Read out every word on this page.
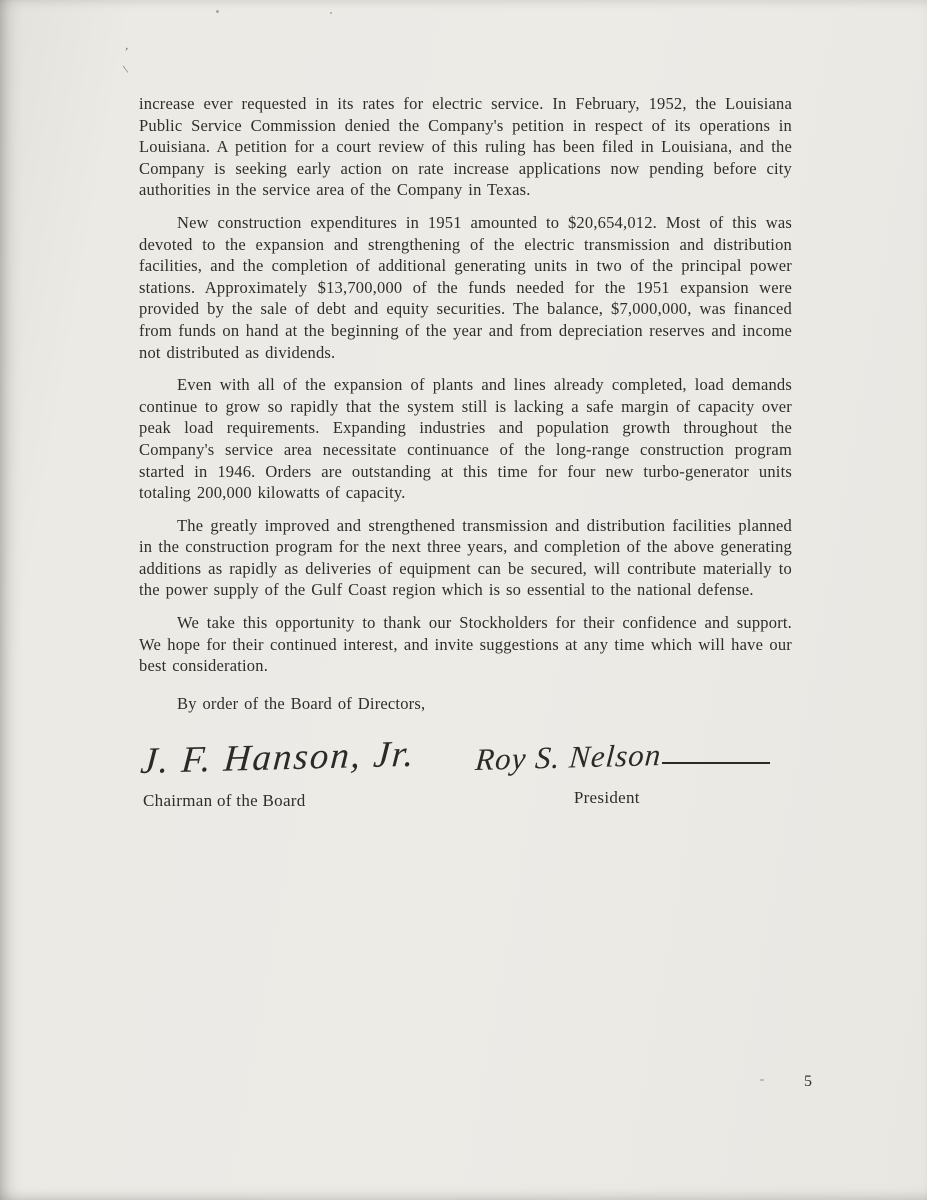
,
\

increase ever requested in its rates for electric service. In February, 1952, the Louisiana Public Service Commission denied the Company's petition in respect of its operations in Louisiana. A petition for a court review of this ruling has been filed in Louisiana, and the Company is seeking early action on rate increase applications now pending before city authorities in the service area of the Company in Texas.

New construction expenditures in 1951 amounted to $20,654,012. Most of this was devoted to the expansion and strengthening of the electric transmission and distribution facilities, and the completion of additional generating units in two of the principal power stations. Approximately $13,700,000 of the funds needed for the 1951 expansion were provided by the sale of debt and equity securities. The balance, $7,000,000, was financed from funds on hand at the beginning of the year and from depreciation reserves and income not distributed as dividends.

Even with all of the expansion of plants and lines already completed, load demands continue to grow so rapidly that the system still is lacking a safe margin of capacity over peak load requirements. Expanding industries and population growth throughout the Company's service area necessitate continuance of the long-range construction program started in 1946. Orders are outstanding at this time for four new turbo-generator units totaling 200,000 kilowatts of capacity.

The greatly improved and strengthened transmission and distribution facilities planned in the construction program for the next three years, and completion of the above generating additions as rapidly as deliveries of equipment can be secured, will contribute materially to the power supply of the Gulf Coast region which is so essential to the national defense.

We take this opportunity to thank our Stockholders for their confidence and support. We hope for their continued interest, and invite suggestions at any time which will have our best consideration.

By order of the Board of Directors,

J. F. Hanson, Jr.
Chairman of the Board
Roy S. Nelson
President
5
